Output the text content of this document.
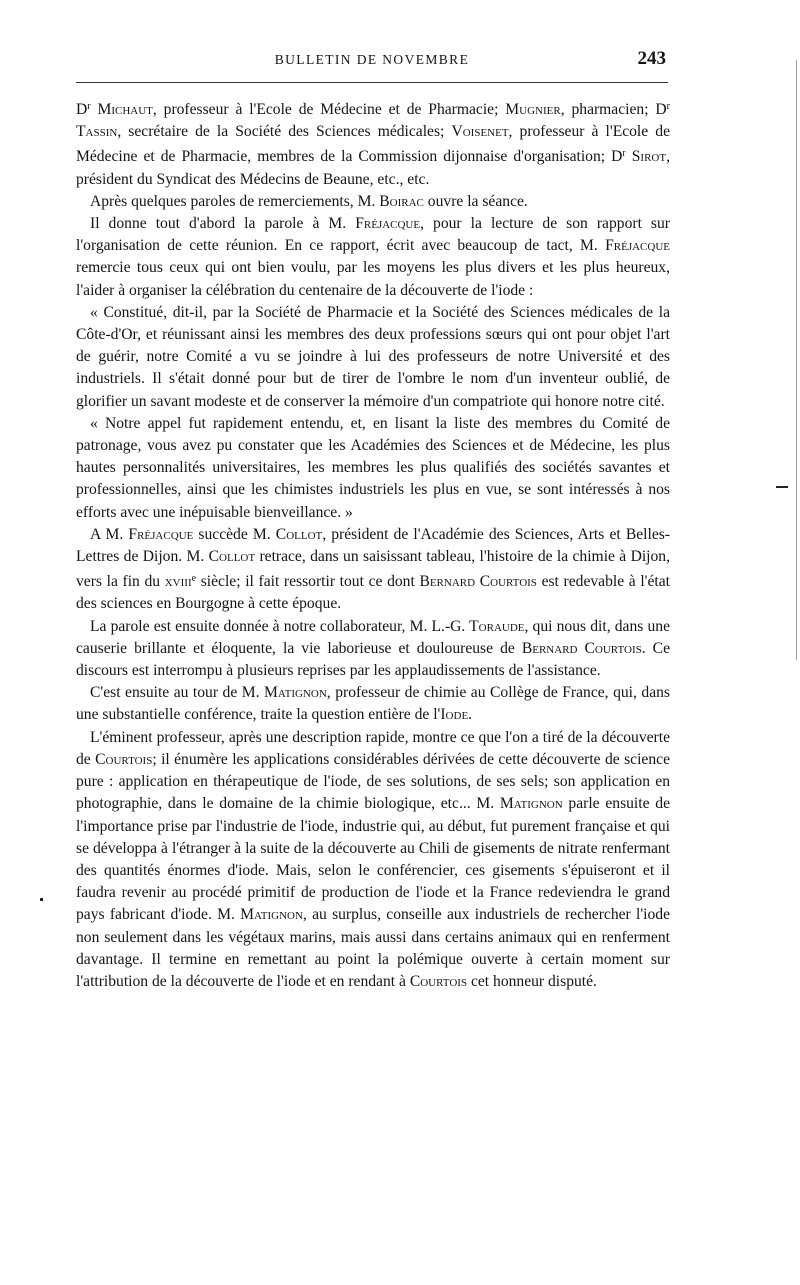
BULLETIN DE NOVEMBRE	243

$D^r$ Michaut, professeur à l'Ecole de Médecine et de Pharmacie; Mugnier, pharmacien; $D^r$ Tassin, secrétaire de la Société des Sciences médicales; Voisenet, professeur à l'Ecole de Médecine et de Pharmacie, membres de la Commission dijonnaise d'organisation; $D^r$ Sirot, président du Syndicat des Médecins de Beaune, etc., etc.

Après quelques paroles de remerciements, M. Boirac ouvre la séance.

Il donne tout d'abord la parole à M. Fréjacque, pour la lecture de son rapport sur l'organisation de cette réunion. En ce rapport, écrit avec beaucoup de tact, M. Fréjacque remercie tous ceux qui ont bien voulu, par les moyens les plus divers et les plus heureux, l'aider à organiser la célébration du centenaire de la découverte de l'iode :

« Constitué, dit-il, par la Société de Pharmacie et la Société des Sciences médicales de la Côte-d'Or, et réunissant ainsi les membres des deux professions sœurs qui ont pour objet l'art de guérir, notre Comité a vu se joindre à lui des professeurs de notre Université et des industriels. Il s'était donné pour but de tirer de l'ombre le nom d'un inventeur oublié, de glorifier un savant modeste et de conserver la mémoire d'un compatriote qui honore notre cité.

« Notre appel fut rapidement entendu, et, en lisant la liste des membres du Comité de patronage, vous avez pu constater que les Académies des Sciences et de Médecine, les plus hautes personnalités universitaires, les membres les plus qualifiés des sociétés savantes et professionnelles, ainsi que les chimistes industriels les plus en vue, se sont intéressés à nos efforts avec une inépuisable bienveillance. »

A M. Fréjacque succède M. Collot, président de l'Académie des Sciences, Arts et Belles-Lettres de Dijon. M. Collot retrace, dans un saisissant tableau, l'histoire de la chimie à Dijon, vers la fin du xviii$^e$ siècle; il fait ressortir tout ce dont Bernard Courtois est redevable à l'état des sciences en Bourgogne à cette époque.

La parole est ensuite donnée à notre collaborateur, M. L.-G. Toraude, qui nous dit, dans une causerie brillante et éloquente, la vie laborieuse et douloureuse de Bernard Courtois. Ce discours est interrompu à plusieurs reprises par les applaudissements de l'assistance.

C'est ensuite au tour de M. Matignon, professeur de chimie au Collège de France, qui, dans une substantielle conférence, traite la question entière de l'Iode.

L'éminent professeur, après une description rapide, montre ce que l'on a tiré de la découverte de Courtois; il énumère les applications considérables dérivées de cette découverte de science pure : application en thérapeutique de l'iode, de ses solutions, de ses sels; son application en photographie, dans le domaine de la chimie biologique, etc... M. Matignon parle ensuite de l'importance prise par l'industrie de l'iode, industrie qui, au début, fut purement française et qui se développa à l'étranger à la suite de la découverte au Chili de gisements de nitrate renfermant des quantités énormes d'iode. Mais, selon le conférencier, ces gisements s'épuiseront et il faudra revenir au procédé primitif de production de l'iode et la France redeviendra le grand pays fabricant d'iode. M. Matignon, au surplus, conseille aux industriels de rechercher l'iode non seulement dans les végétaux marins, mais aussi dans certains animaux qui en renferment davantage. Il termine en remettant au point la polémique ouverte à certain moment sur l'attribution de la découverte de l'iode et en rendant à Courtois cet honneur disputé.
